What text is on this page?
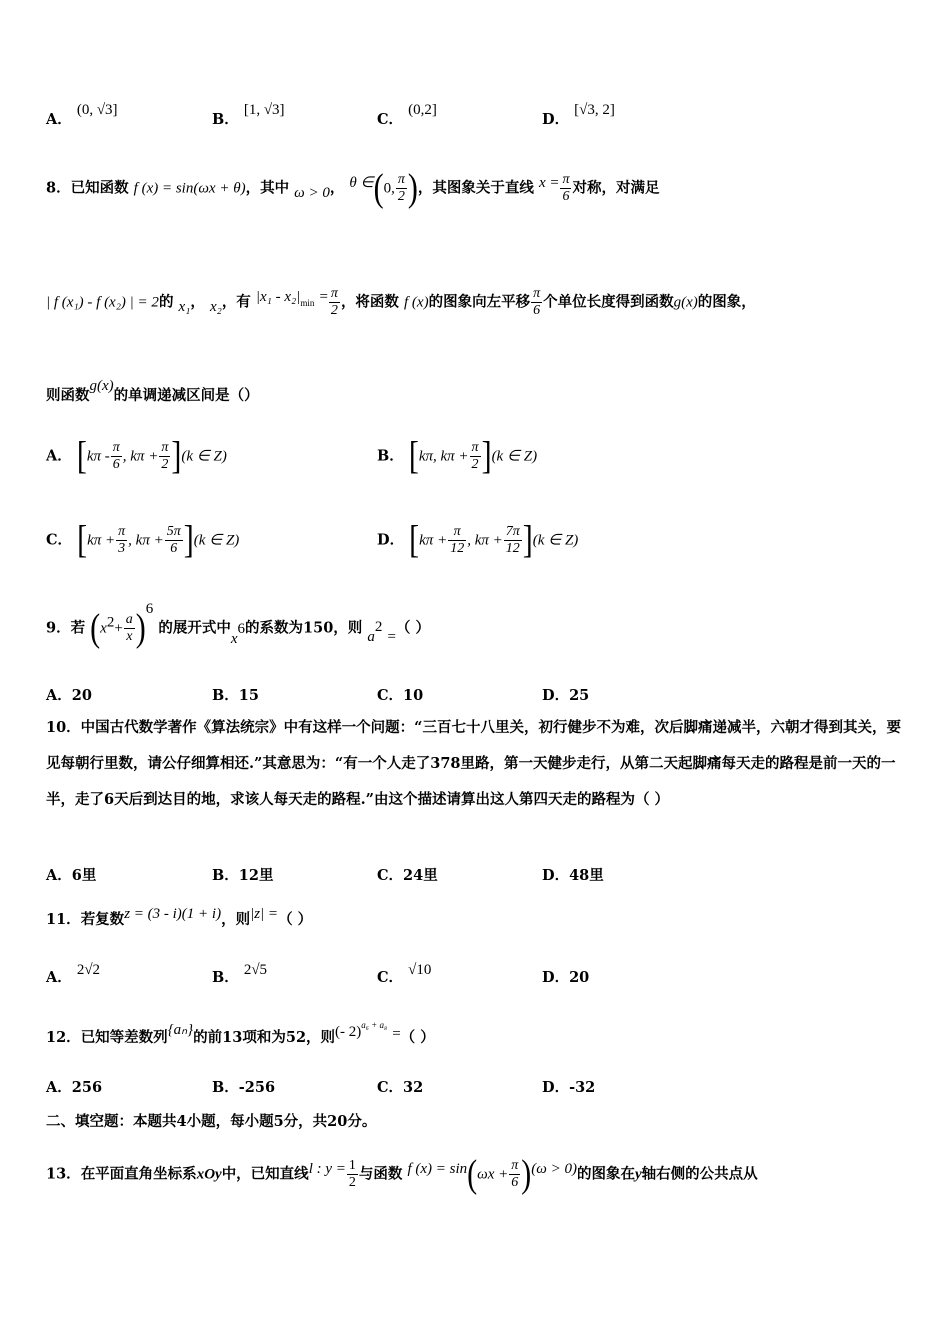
A． (0, √3]
B． [1, √3]
C． (0,2]
D． [√3, 2]
8．已知函数 f (x) = sin(ωx + θ)，其中 ω > 0， θ ∈(0, $\frac{\pi}{2}$ )，其图象关于直线 $x = \frac{\pi}{6}$ 对称，对满足
| f (x₁) - f (x₂) | = 2的 x₁， x₂，有 $|x_1 - x_2|_{min} = \frac{\pi}{2}$ ，将函数 f (x)的图象向左平移 $\frac{\pi}{6}$ 个单位长度得到函数g(x)的图象，
则函数g(x)的单调递减区间是（）
A． [$k\pi - \frac{\pi}{6}$ , $k\pi + \frac{\pi}{2} ](k$ ∈ Z)	B． [kπ, $k\pi + \frac{\pi}{2} ](k$ ∈ Z)
C． [$k\pi + \frac{\pi}{3}$ , $k\pi + \frac{5\pi}{6} ](k$ ∈ Z)	D． [$k\pi + \frac{\pi}{12}$ , $k\pi + \frac{7\pi}{12} ](k$ ∈ Z)
9．若 $(x^2+ \frac{a}{x} )^6$ 的展开式中$x^6$的系数为150，则 $a^2$ =（ ）
A．20	B．15	C．10	D．25
10．中国古代数学著作《算法统宗》中有这样一个问题：“三百七十八里关，初行健步不为难，次后脚痛递减半，六朝才得到其关，要见每朝行里数，请公仔细算相还.”其意思为：“有一个人走了378里路，第一天健步走行，从第二天起脚痛每天走的路程是前一天的一半，走了6天后到达目的地，求该人每天走的路程.”由这个描述请算出这人第四天走的路程为（ ）
A．6里	B．12里	C．24里	D．48里
11．若复数z = (3 - i)(1 + i)，则|z| =（ ）
A． 2√2	B． 2√5	C． √10	D．20
12．已知等差数列{aₙ}的前13项和为52，则(- 2)$^{a_6 + a_8}$ =（ ）
A．256	B．-256	C．32	D．-32
二、填空题：本题共4小题，每小题5分，共20分。
13．在平面直角坐标系xOy中，已知直线l : $y = \frac{1}{2}$ 与函数 f $(x) = \sin(\omega x + \frac{\pi}{6} )(\omega > 0)$的图象在y轴右侧的公共点从
